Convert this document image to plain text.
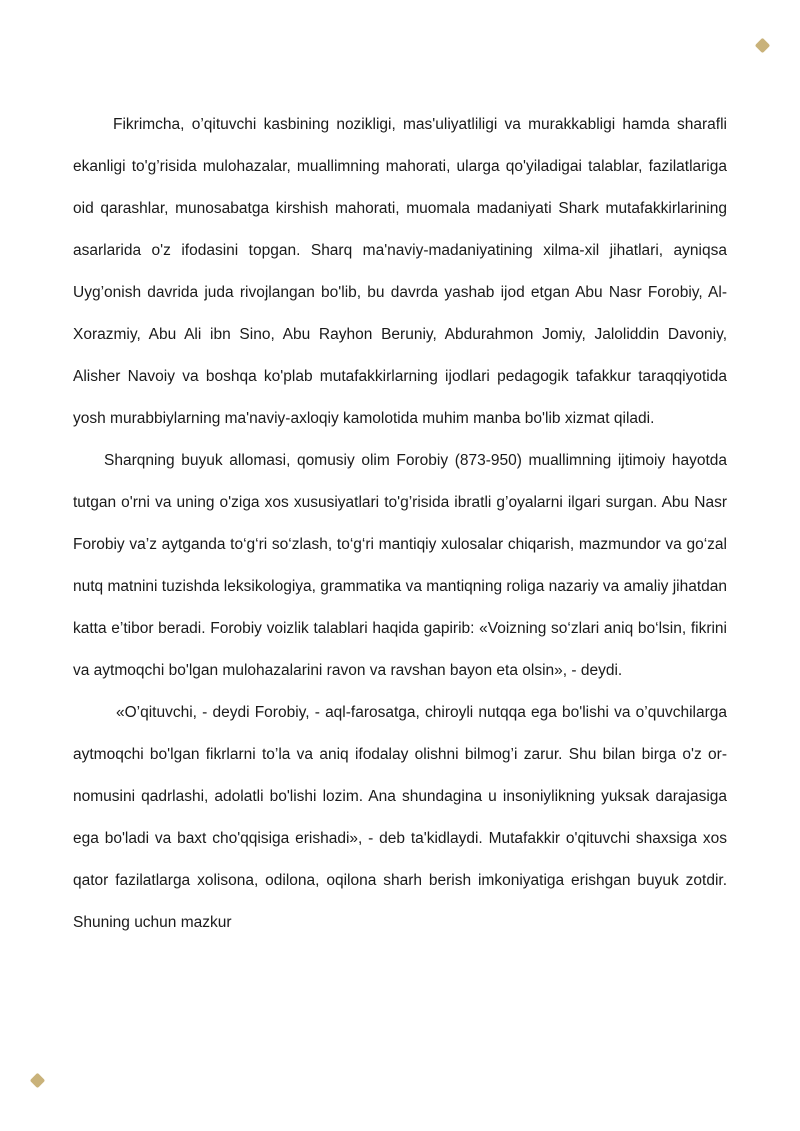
Fikrimcha, o’qituvchi kasbining nozikligi, mas'uliyatliligi va murakkabligi hamda sharafli ekanligi to'g’risida mulohazalar, muallimning mahorati, ularga qo'yiladigai talablar, fazilatlariga oid qarashlar, munosabatga kirshish mahorati, muomala madaniyati Shark mutafakkirlarining asarlarida o'z ifodasini topgan. Sharq ma'naviy-madaniyatining xilma-xil jihatlari, ayniqsa Uyg’onish davrida juda rivojlangan bo'lib, bu davrda yashab ijod etgan Abu Nasr Forobiy, Al-Xorazmiy, Abu Ali ibn Sino, Abu Rayhon Beruniy, Abdurahmon Jomiy, Jaloliddin Davoniy, Alisher Navoiy va boshqa ko'plab mutafakkirlarning ijodlari pedagogik tafakkur taraqqiyotida yosh murabbiylarning ma'naviy-axloqiy kamolotida muhim manba bo'lib xizmat qiladi.

Sharqning buyuk allomasi, qomusiy olim Forobiy (873-950) muallimning ijtimoiy hayotda tutgan o'rni va uning o'ziga xos xususiyatlari to'g’risida ibratli g’oyalarni ilgari surgan. Abu Nasr Forobiy va’z aytganda to‘g‘ri so‘zlash, to‘g‘ri mantiqiy xulosalar chiqarish, mazmundor va go‘zal nutq matnini tuzishda leksikologiya, grammatika va mantiqning roliga nazariy va amaliy jihatdan katta e’tibor beradi. Forobiy voizlik talablari haqida gapirib: «Voizning so‘zlari aniq bo‘lsin, fikrini va aytmoqchi bo'lgan mulohazalarini ravon va ravshan bayon eta olsin», - deydi.

«O’qituvchi, - deydi Forobiy, - aql-farosatga, chiroyli nutqqa ega bo'lishi va o’quvchilarga aytmoqchi bo'lgan fikrlarni to’la va aniq ifodalay olishni bilmog’i zarur. Shu bilan birga o'z or-nomusini qadrlashi, adolatli bo'lishi lozim. Ana shundagina u insoniylikning yuksak darajasiga ega bo'ladi va baxt cho'qqisiga erishadi», - deb ta'kidlaydi. Mutafakkir o'qituvchi shaxsiga xos qator fazilatlarga xolisona, odilona, oqilona sharh berish imkoniyatiga erishgan buyuk zotdir. Shuning uchun mazkur
